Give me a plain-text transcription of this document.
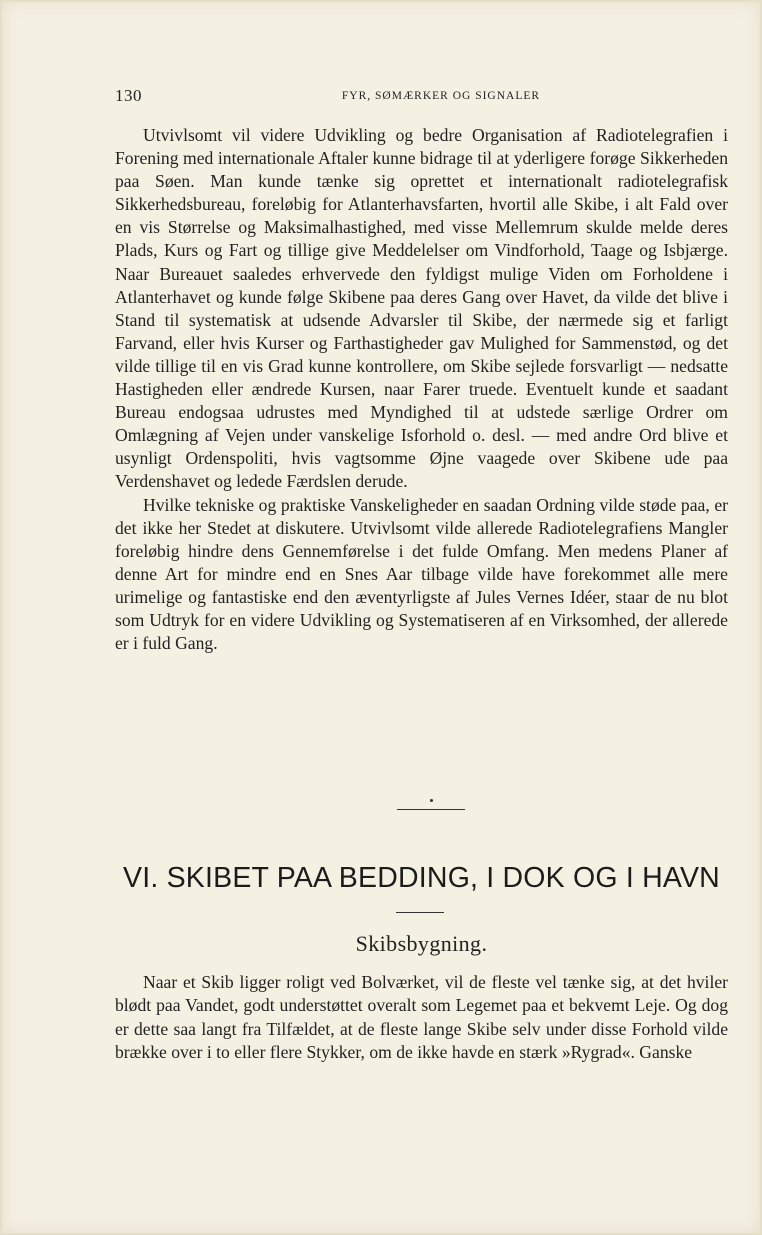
130	FYR, SØMÆRKER OG SIGNALER

Utvivlsomt vil videre Udvikling og bedre Organisation af Radiotelegrafien i Forening med internationale Aftaler kunne bidrage til at yderligere forøge Sikkerheden paa Søen. Man kunde tænke sig oprettet et internationalt radiotelegrafisk Sikkerhedsbureau, foreløbig for Atlanterhavsfarten, hvortil alle Skibe, i alt Fald over en vis Størrelse og Maksimalhastighed, med visse Mellemrum skulde melde deres Plads, Kurs og Fart og tillige give Meddelelser om Vindforhold, Taage og Isbjærge. Naar Bureauet saaledes erhvervede den fyldigst mulige Viden om Forholdene i Atlanterhavet og kunde følge Skibene paa deres Gang over Havet, da vilde det blive i Stand til systematisk at udsende Advarsler til Skibe, der nærmede sig et farligt Farvand, eller hvis Kurser og Farthastigheder gav Mulighed for Sammenstød, og det vilde tillige til en vis Grad kunne kontrollere, om Skibe sejlede forsvarligt — nedsatte Hastigheden eller ændrede Kursen, naar Farer truede. Eventuelt kunde et saadant Bureau endogsaa udrustes med Myndighed til at udstede særlige Ordrer om Omlægning af Vejen under vanskelige Isforhold o. desl. — med andre Ord blive et usynligt Ordenspoliti, hvis vagtsomme Øjne vaagede over Skibene ude paa Verdenshavet og ledede Færdslen derude.

Hvilke tekniske og praktiske Vanskeligheder en saadan Ordning vilde støde paa, er det ikke her Stedet at diskutere. Utvivlsomt vilde allerede Radiotelegrafiens Mangler foreløbig hindre dens Gennemførelse i det fulde Omfang. Men medens Planer af denne Art for mindre end en Snes Aar tilbage vilde have forekommet alle mere urimelige og fantastiske end den æventyrligste af Jules Vernes Idéer, staar de nu blot som Udtryk for en videre Udvikling og Systematiseren af en Virksomhed, der allerede er i fuld Gang.

VI. SKIBET PAA BEDDING, I DOK OG I HAVN
Skibsbygning.

Naar et Skib ligger roligt ved Bolværket, vil de fleste vel tænke sig, at det hviler blødt paa Vandet, godt understøttet overalt som Legemet paa et bekvemt Leje. Og dog er dette saa langt fra Tilfældet, at de fleste lange Skibe selv under disse Forhold vilde brække over i to eller flere Stykker, om de ikke havde en stærk »Rygrad«. Ganske
